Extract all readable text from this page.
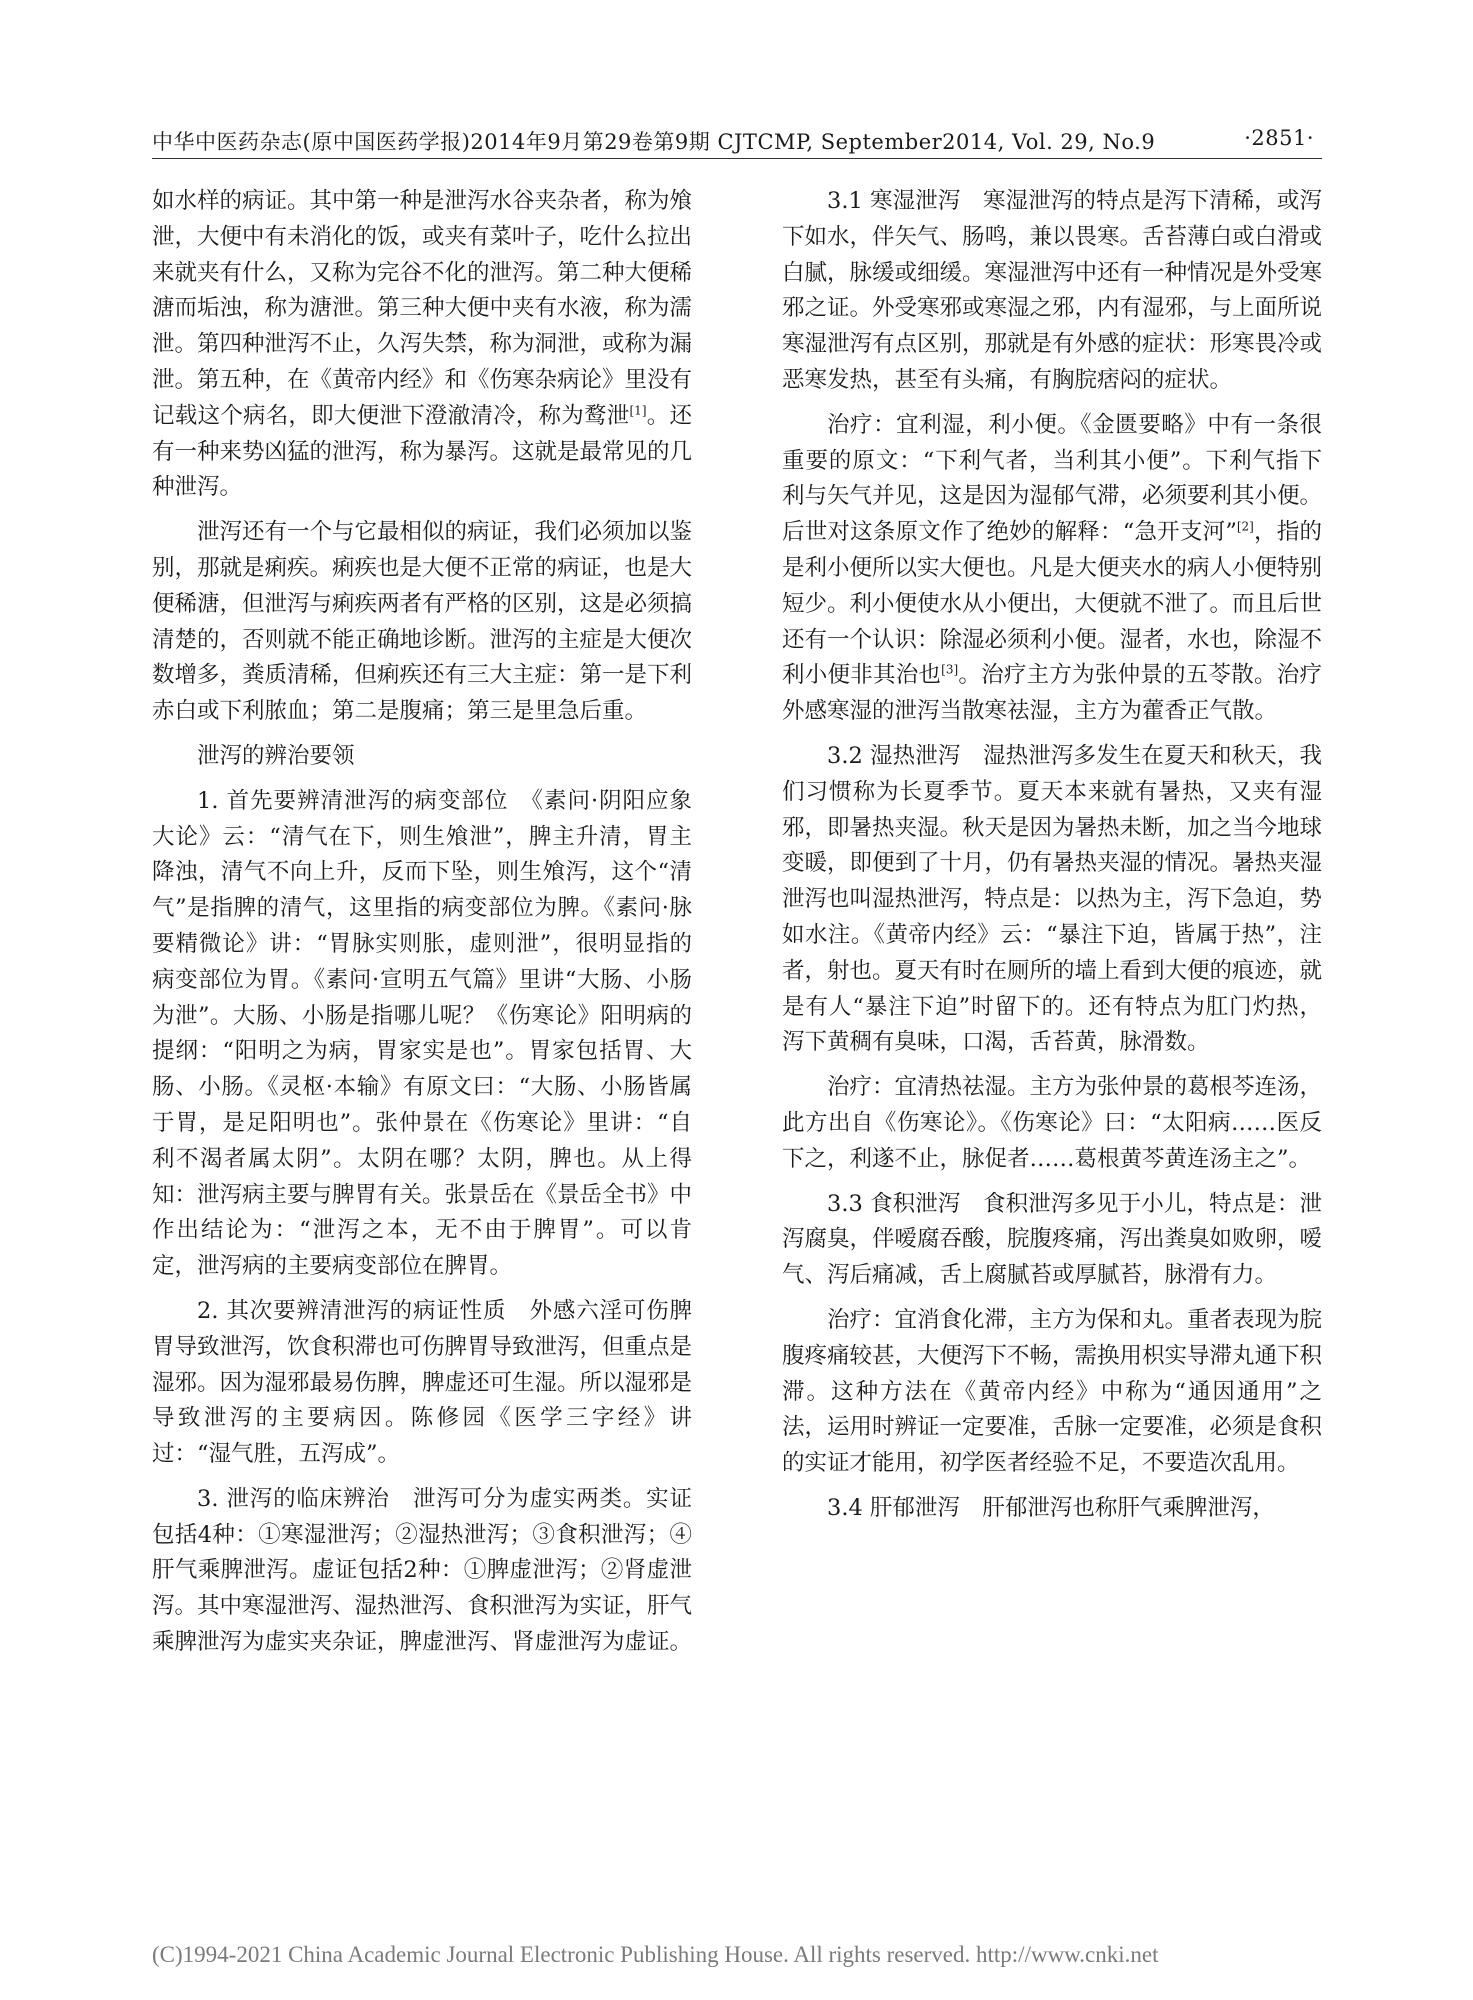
中华中医药杂志(原中国医药学报)2014年9月第29卷第9期 CJTCMP, September2014, Vol. 29, No.9	·2851·

如水样的病证。其中第一种是泄泻水谷夹杂者，称为飧泄，大便中有未消化的饭，或夹有菜叶子，吃什么拉出来就夹有什么，又称为完谷不化的泄泻。第二种大便稀溏而垢浊，称为溏泄。第三种大便中夹有水液，称为濡泄。第四种泄泻不止，久泻失禁，称为洞泄，或称为漏泄。第五种，在《黄帝内经》和《伤寒杂病论》里没有记载这个病名，即大便泄下澄澈清冷，称为鹜泄[1]。还有一种来势凶猛的泄泻，称为暴泻。这就是最常见的几种泄泻。

泄泻还有一个与它最相似的病证，我们必须加以鉴别，那就是痢疾。痢疾也是大便不正常的病证，也是大便稀溏，但泄泻与痢疾两者有严格的区别，这是必须搞清楚的，否则就不能正确地诊断。泄泻的主症是大便次数增多，粪质清稀，但痢疾还有三大主症：第一是下利赤白或下利脓血；第二是腹痛；第三是里急后重。

泄泻的辨治要领

1. 首先要辨清泄泻的病变部位　《素问·阴阳应象大论》云：“清气在下，则生飧泄”，脾主升清，胃主降浊，清气不向上升，反而下坠，则生飧泻，这个“清气”是指脾的清气，这里指的病变部位为脾。《素问·脉要精微论》讲：“胃脉实则胀，虚则泄”，很明显指的病变部位为胃。《素问·宣明五气篇》里讲“大肠、小肠为泄”。大肠、小肠是指哪儿呢？《伤寒论》阳明病的提纲：“阳明之为病，胃家实是也”。胃家包括胃、大肠、小肠。《灵枢·本输》有原文曰：“大肠、小肠皆属于胃，是足阳明也”。张仲景在《伤寒论》里讲：“自利不渴者属太阴”。太阴在哪？太阴，脾也。从上得知：泄泻病主要与脾胃有关。张景岳在《景岳全书》中作出结论为：“泄泻之本，无不由于脾胃”。可以肯定，泄泻病的主要病变部位在脾胃。

2. 其次要辨清泄泻的病证性质　外感六淫可伤脾胃导致泄泻，饮食积滞也可伤脾胃导致泄泻，但重点是湿邪。因为湿邪最易伤脾，脾虚还可生湿。所以湿邪是导致泄泻的主要病因。陈修园《医学三字经》讲过：“湿气胜，五泻成”。

3. 泄泻的临床辨治　泄泻可分为虚实两类。实证包括4种：①寒湿泄泻；②湿热泄泻；③食积泄泻；④肝气乘脾泄泻。虚证包括2种：①脾虚泄泻；②肾虚泄泻。其中寒湿泄泻、湿热泄泻、食积泄泻为实证，肝气乘脾泄泻为虚实夹杂证，脾虚泄泻、肾虚泄泻为虚证。

3.1 寒湿泄泻　寒湿泄泻的特点是泻下清稀，或泻下如水，伴矢气、肠鸣，兼以畏寒。舌苔薄白或白滑或白腻，脉缓或细缓。寒湿泄泻中还有一种情况是外受寒邪之证。外受寒邪或寒湿之邪，内有湿邪，与上面所说寒湿泄泻有点区别，那就是有外感的症状：形寒畏冷或恶寒发热，甚至有头痛，有胸脘痞闷的症状。

治疗：宜利湿，利小便。《金匮要略》中有一条很重要的原文：“下利气者，当利其小便”。下利气指下利与矢气并见，这是因为湿郁气滞，必须要利其小便。后世对这条原文作了绝妙的解释：“急开支河”[2]，指的是利小便所以实大便也。凡是大便夹水的病人小便特别短少。利小便使水从小便出，大便就不泄了。而且后世还有一个认识：除湿必须利小便。湿者，水也，除湿不利小便非其治也[3]。治疗主方为张仲景的五苓散。治疗外感寒湿的泄泻当散寒祛湿，主方为藿香正气散。

3.2 湿热泄泻　湿热泄泻多发生在夏天和秋天，我们习惯称为长夏季节。夏天本来就有暑热，又夹有湿邪，即暑热夹湿。秋天是因为暑热未断，加之当今地球变暖，即便到了十月，仍有暑热夹湿的情况。暑热夹湿泄泻也叫湿热泄泻，特点是：以热为主，泻下急迫，势如水注。《黄帝内经》云：“暴注下迫，皆属于热”，注者，射也。夏天有时在厕所的墙上看到大便的痕迹，就是有人“暴注下迫”时留下的。还有特点为肛门灼热，泻下黄稠有臭味，口渴，舌苔黄，脉滑数。

治疗：宜清热祛湿。主方为张仲景的葛根芩连汤，此方出自《伤寒论》。《伤寒论》曰：“太阳病……医反下之，利遂不止，脉促者……葛根黄芩黄连汤主之”。

3.3 食积泄泻　食积泄泻多见于小儿，特点是：泄泻腐臭，伴嗳腐吞酸，脘腹疼痛，泻出粪臭如败卵，嗳气、泻后痛减，舌上腐腻苔或厚腻苔，脉滑有力。

治疗：宜消食化滞，主方为保和丸。重者表现为脘腹疼痛较甚，大便泻下不畅，需换用枳实导滞丸通下积滞。这种方法在《黄帝内经》中称为“通因通用”之法，运用时辨证一定要准，舌脉一定要准，必须是食积的实证才能用，初学医者经验不足，不要造次乱用。

3.4 肝郁泄泻　肝郁泄泻也称肝气乘脾泄泻，

(C)1994-2021 China Academic Journal Electronic Publishing House. All rights reserved. http://www.cnki.net
